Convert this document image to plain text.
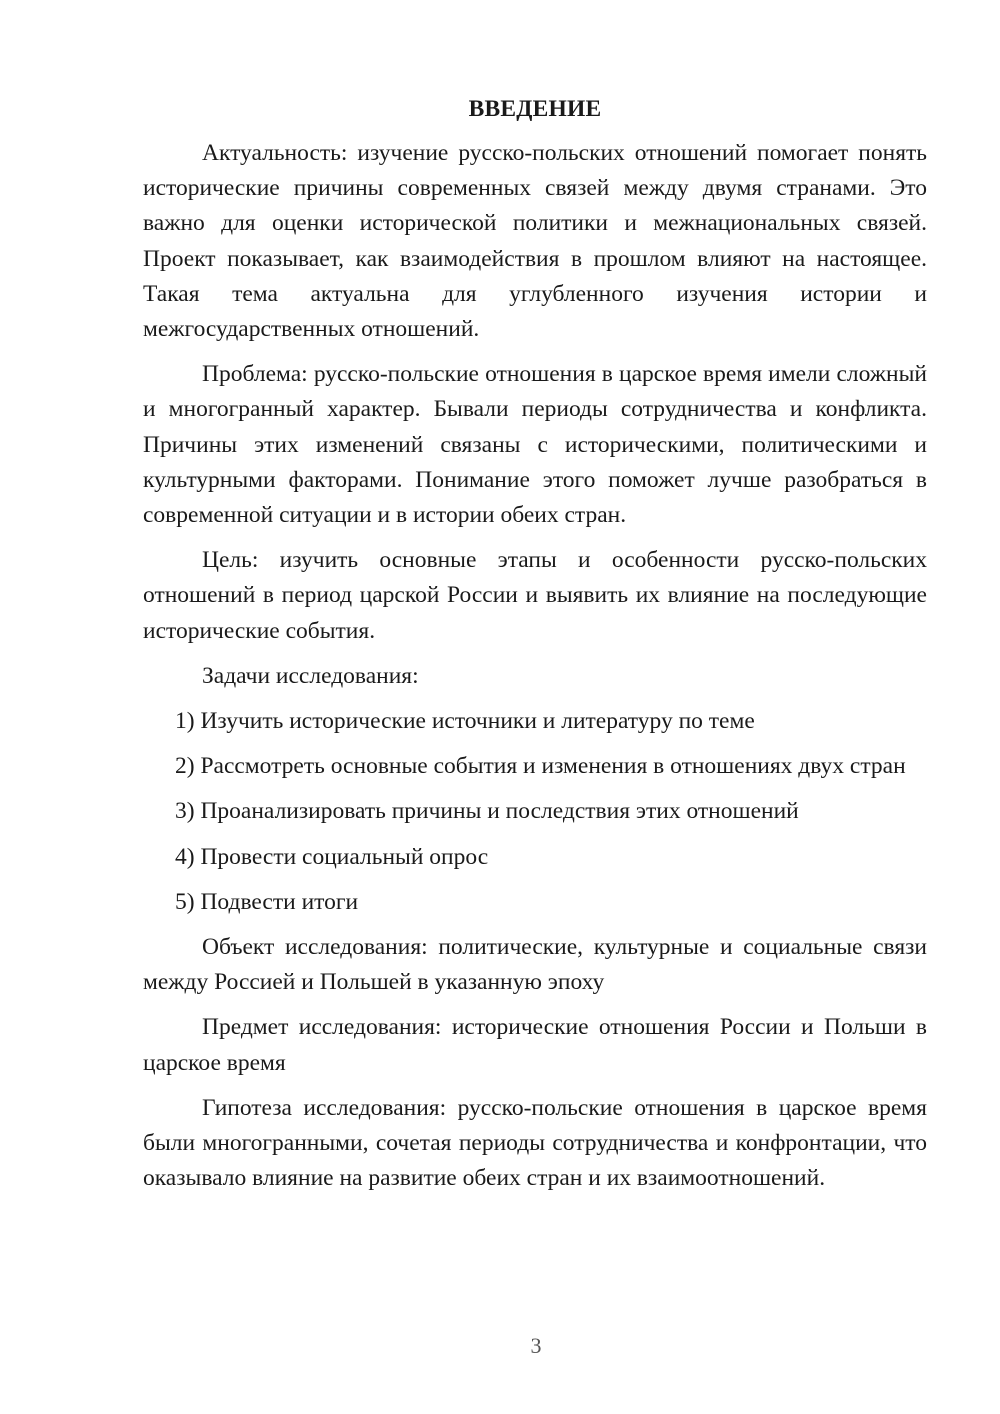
ВВЕДЕНИЕ

Актуальность: изучение русско-польских отношений помогает понять исторические причины современных связей между двумя странами. Это важно для оценки исторической политики и межнациональных связей. Проект показывает, как взаимодействия в прошлом влияют на настоящее. Такая тема актуальна для углубленного изучения истории и межгосударственных отношений.

Проблема: русско-польские отношения в царское время имели сложный и многогранный характер. Бывали периоды сотрудничества и конфликта. Причины этих изменений связаны с историческими, политическими и культурными факторами. Понимание этого поможет лучше разобраться в современной ситуации и в истории обеих стран.

Цель: изучить основные этапы и особенности русско-польских отношений в период царской России и выявить их влияние на последующие исторические события.

Задачи исследования:

1) Изучить исторические источники и литературу по теме

2) Рассмотреть основные события и изменения в отношениях двух стран

3) Проанализировать причины и последствия этих отношений

4) Провести социальный опрос

5) Подвести итоги

Объект исследования: политические, культурные и социальные связи между Россией и Польшей в указанную эпоху

Предмет исследования: исторические отношения России и Польши в царское время

Гипотеза исследования: русско-польские отношения в царское время были многогранными, сочетая периоды сотрудничества и конфронтации, что оказывало влияние на развитие обеих стран и их взаимоотношений.

3
